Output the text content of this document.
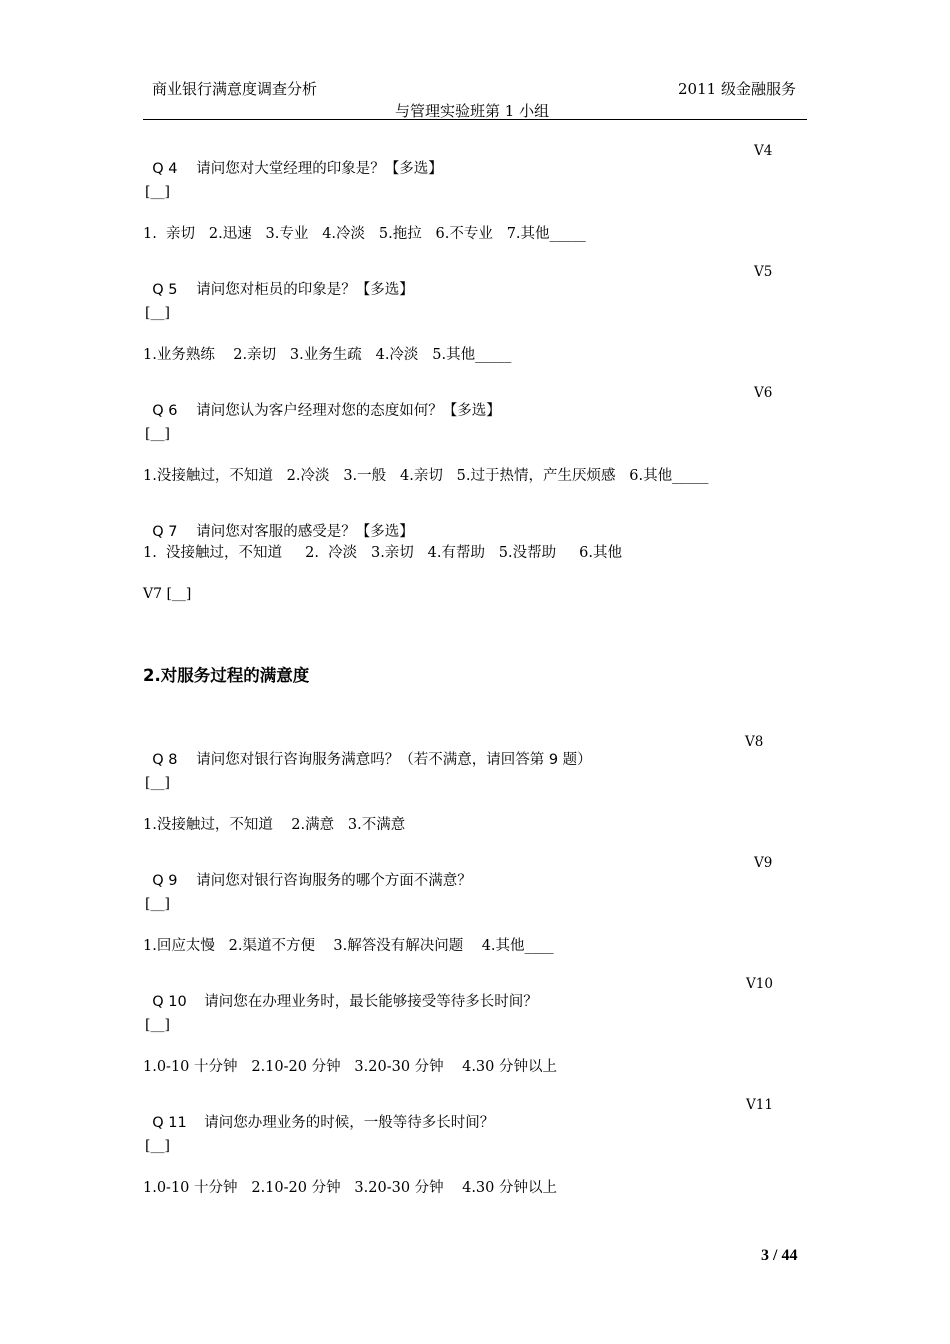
商业银行满意度调查分析	2011 级金融服务
与管理实验班第 1 小组

Q 4 请问您对大堂经理的印象是？【多选】

V4
[__]
1.  亲切   2.迅速   3.专业   4.冷淡   5.拖拉   6.不专业   7.其他_____

Q 5 请问您对柜员的印象是？【多选】

V5
[__]
1.业务熟练    2.亲切   3.业务生疏   4.冷淡   5.其他_____

Q 6 请问您认为客户经理对您的态度如何？【多选】

V6
[__]
1.没接触过，不知道   2.冷淡   3.一般   4.亲切   5.过于热情，产生厌烦感   6.其他_____

Q 7 请问您对客服的感受是？【多选】

1.  没接触过，不知道     2.  冷淡   3.亲切   4.有帮助   5.没帮助     6.其他
V7 [__]
2.对服务过程的满意度

Q 8 请问您对银行咨询服务满意吗？（若不满意，请回答第 9 题）

V8
[__]
1.没接触过，不知道    2.满意   3.不满意

Q 9 请问您对银行咨询服务的哪个方面不满意？

V9
[__]
1.回应太慢   2.渠道不方便    3.解答没有解决问题    4.其他____

Q 10 请问您在办理业务时，最长能够接受等待多长时间？

V10
[__]
1.0-10 十分钟   2.10-20 分钟   3.20-30 分钟    4.30 分钟以上

Q 11 请问您办理业务的时候，一般等待多长时间？

V11
[__]
1.0-10 十分钟   2.10-20 分钟   3.20-30 分钟    4.30 分钟以上
3 / 44
